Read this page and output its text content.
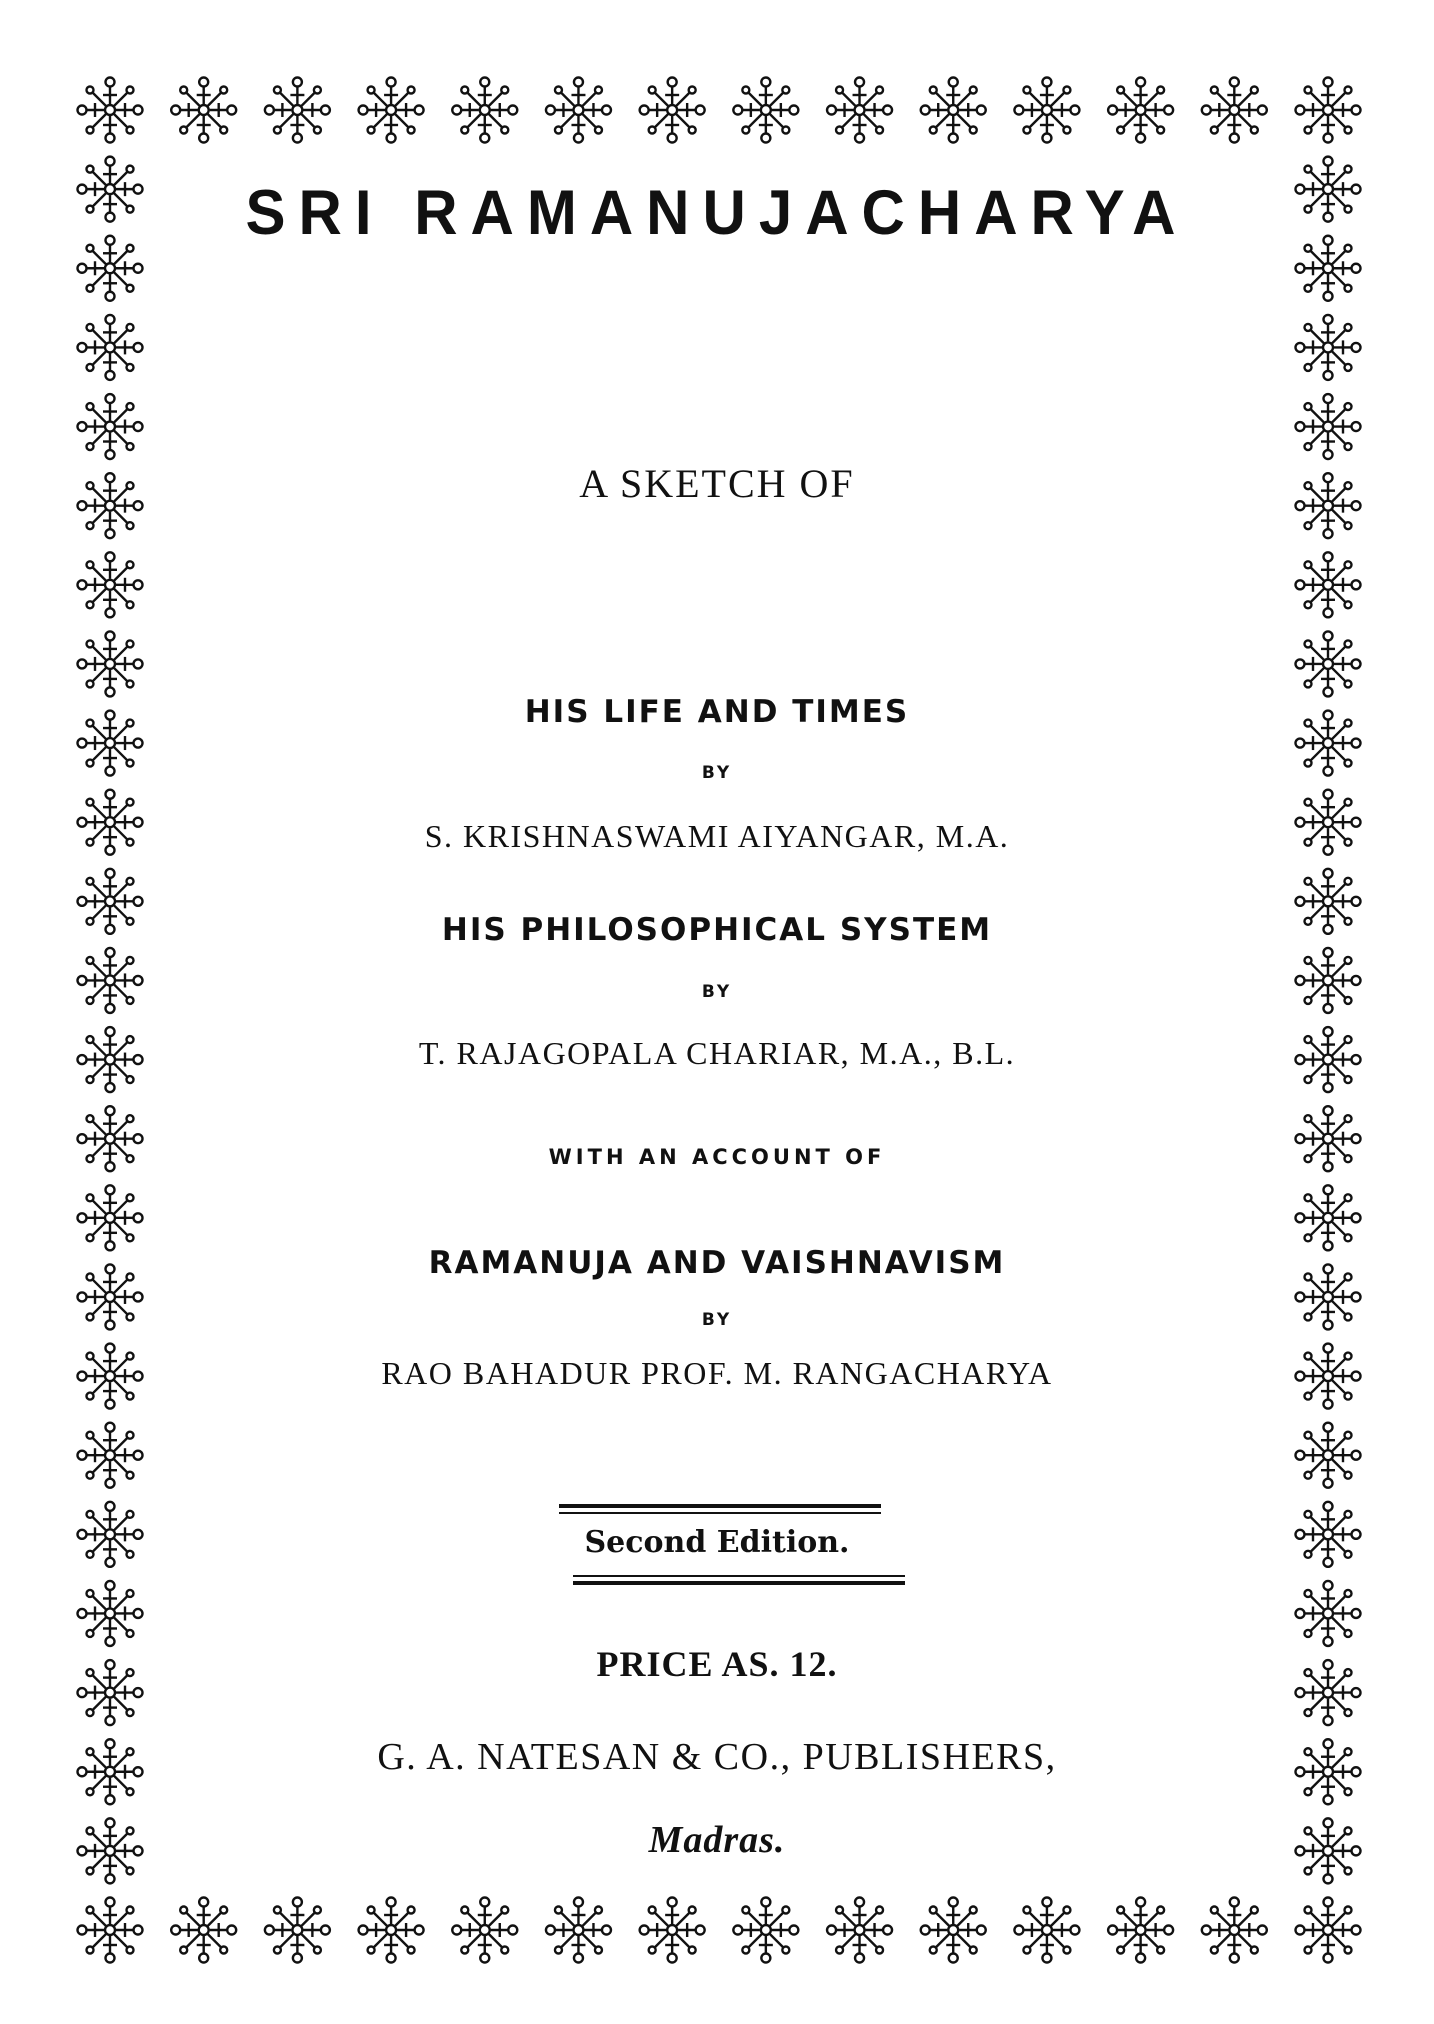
SRI RAMANUJACHARYA
A SKETCH OF
HIS LIFE AND TIMES
BY
S. KRISHNASWAMI AIYANGAR, M.A.
HIS PHILOSOPHICAL SYSTEM
BY
T. RAJAGOPALA CHARIAR, M.A., B.L.
WITH AN ACCOUNT OF
RAMANUJA AND VAISHNAVISM
BY
RAO BAHADUR PROF. M. RANGACHARYA
Second Edition.
PRICE AS. 12.
G. A. NATESAN & CO., PUBLISHERS,
Madras.
